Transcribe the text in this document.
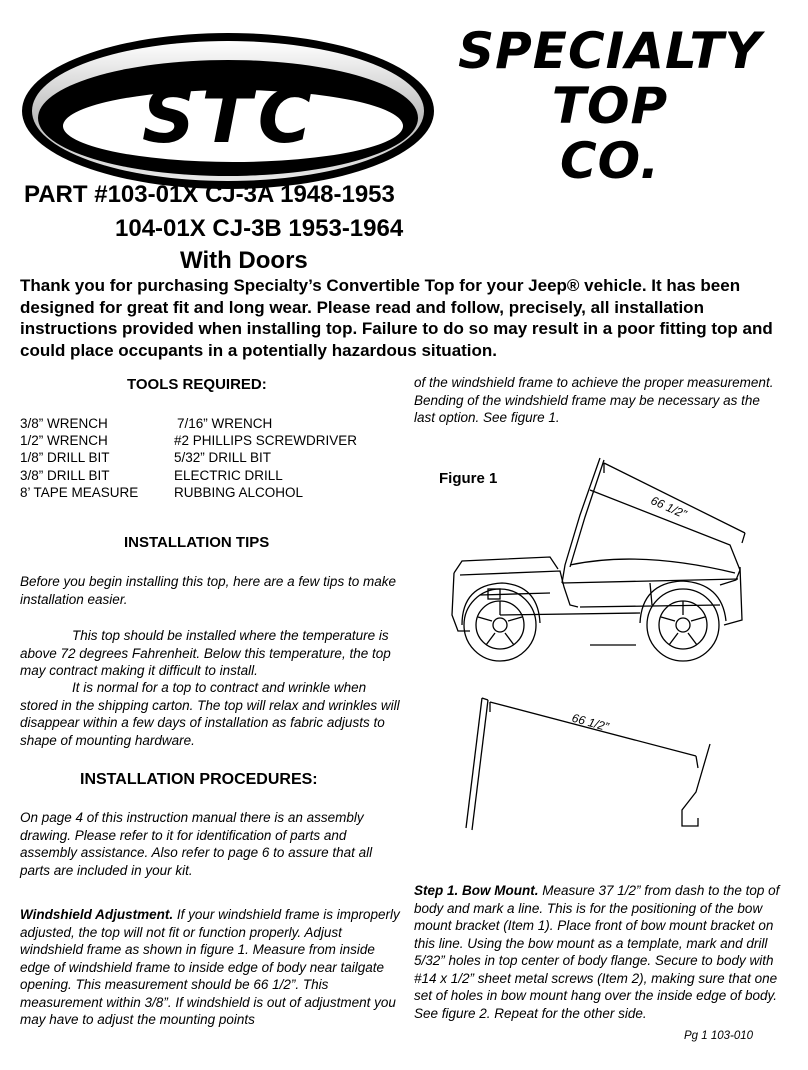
STC
SPECIALTY
TOP
CO.
PART #103-01X CJ-3A 1948-1953
104-01X CJ-3B 1953-1964
With Doors
Thank you for purchasing Specialty’s Convertible Top for your Jeep® vehicle. It has been designed for great fit and long wear. Please read and follow, precisely, all installation instructions provided when installing top. Failure to do so may result in a poor fitting top and could place occupants in a potentially hazardous situation.
TOOLS REQUIRED:
3/8” WRENCH	7/16” WRENCH
1/2” WRENCH	#2 PHILLIPS SCREWDRIVER
1/8” DRILL BIT	5/32” DRILL BIT
3/8” DRILL BIT	ELECTRIC DRILL
8’ TAPE MEASURE	RUBBING ALCOHOL
INSTALLATION TIPS
Before you begin installing this top, here are a few tips to make installation easier.
This top should be installed where the temperature is above 72 degrees Fahrenheit. Below this temperature, the top may contract making it difficult to install.
It is normal for a top to contract and wrinkle when stored in the shipping carton. The top will relax and wrinkles will disappear within a few days of installation as fabric adjusts to shape of mounting hardware.
INSTALLATION PROCEDURES:
On page 4 of this instruction manual there is an assembly drawing. Please refer to it for identification of parts and assembly assistance. Also refer to page 6 to assure that all parts are included in your kit.
Windshield Adjustment. If your windshield frame is improperly adjusted, the top will not fit or function properly. Adjust windshield frame as shown in figure 1. Measure from inside edge of windshield frame to inside edge of body near tailgate opening. This measurement should be 66 1/2”. This measurement within 3/8”. If windshield is out of adjustment you may have to adjust the mounting points
of the windshield frame to achieve the proper measurement. Bending of the windshield frame may be necessary as the last option. See figure 1.
Figure 1
66 1/2”
66 1/2”
Step 1. Bow Mount. Measure 37 1/2” from dash to the top of body and mark a line. This is for the positioning of the bow mount bracket (Item 1). Place front of bow mount bracket on this line. Using the bow mount as a template, mark and drill 5/32” holes in top center of body flange. Secure to body with #14 x 1/2” sheet metal screws (Item 2), making sure that one set of holes in bow mount hang over the inside edge of body. See figure 2. Repeat for the other side.
Pg 1 103-010
